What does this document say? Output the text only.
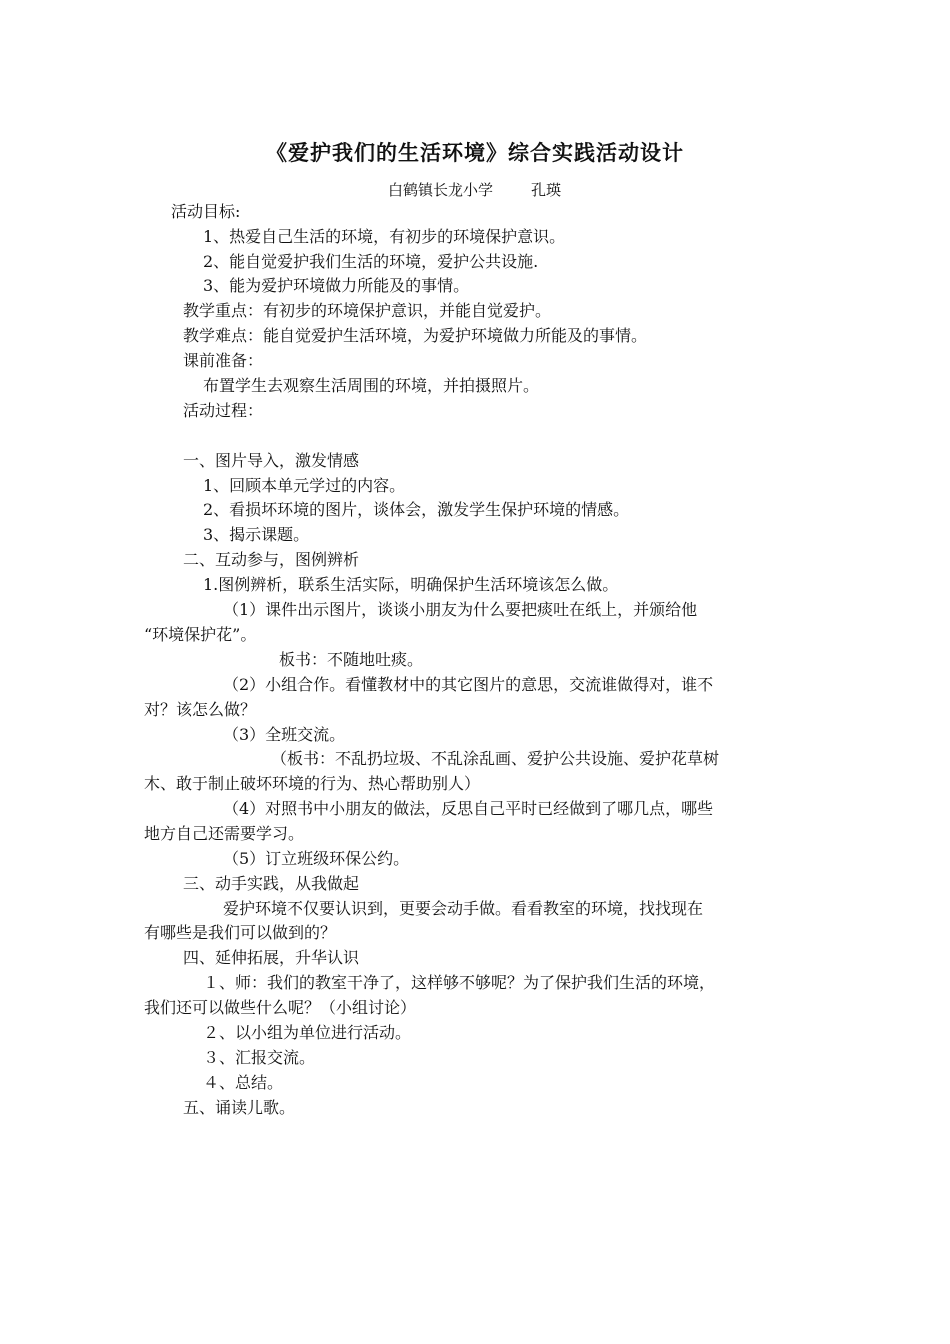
《爱护我们的生活环境》综合实践活动设计
白鹤镇长龙小学	孔瑛
活动目标:
1、热爱自己生活的环境，有初步的环境保护意识。
2、能自觉爱护我们生活的环境，爱护公共设施.
3、能为爱护环境做力所能及的事情。
教学重点：有初步的环境保护意识，并能自觉爱护。
教学难点：能自觉爱护生活环境，为爱护环境做力所能及的事情。
课前准备：
布置学生去观察生活周围的环境，并拍摄照片。
活动过程：
一、图片导入，激发情感
1、回顾本单元学过的内容。
2、看损坏环境的图片，谈体会，激发学生保护环境的情感。
3、揭示课题。
二、互动参与，图例辨析
1.图例辨析，联系生活实际，明确保护生活环境该怎么做。
（1）课件出示图片，谈谈小朋友为什么要把痰吐在纸上，并颁给他
“环境保护花”。
板书：不随地吐痰。
（2）小组合作。看懂教材中的其它图片的意思，交流谁做得对，谁不
对？该怎么做？
（3）全班交流。
（板书：不乱扔垃圾、不乱涂乱画、爱护公共设施、爱护花草树
木、敢于制止破坏环境的行为、热心帮助别人）
（4）对照书中小朋友的做法，反思自己平时已经做到了哪几点，哪些
地方自己还需要学习。
（5）订立班级环保公约。
三、动手实践，从我做起
爱护环境不仅要认识到，更要会动手做。看看教室的环境，找找现在
有哪些是我们可以做到的？
四、延伸拓展，升华认识
１、师：我们的教室干净了，这样够不够呢？为了保护我们生活的环境，
我们还可以做些什么呢？（小组讨论）
２、以小组为单位进行活动。
３、汇报交流。
４、总结。
五、诵读儿歌。
